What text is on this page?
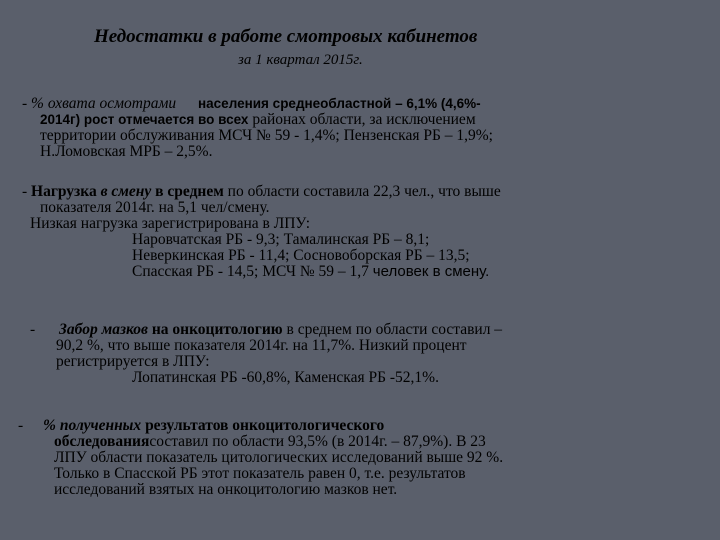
Недостатки в работе смотровых кабинетов
за 1 квартал 2015г.
- % охвата осмотрами населения среднеобластной – 6,1% (4,6%-
2014г) рост отмечается во всех районах области, за исключением
территории обслуживания МСЧ № 59 - 1,4%; Пензенская РБ – 1,9%;
Н.Ломовская МРБ – 2,5%.
- Нагрузка в смену в среднем по области составила 22,3 чел., что выше
показателя 2014г. на 5,1 чел/смену.
Низкая нагрузка зарегистрирована в ЛПУ:
Наровчатская РБ - 9,3; Тамалинская РБ – 8,1;
Неверкинская РБ - 11,4; Сосновоборская РБ – 13,5;
Спасская РБ - 14,5; МСЧ № 59 – 1,7 человек в смену.
- Забор мазков на онкоцитологию в среднем по области составил –
90,2 %, что выше показателя 2014г. на 11,7%. Низкий процент
регистрируется в ЛПУ:
Лопатинская РБ -60,8%, Каменская РБ -52,1%.
- % полученных результатов онкоцитологического
обследованиясоставил по области 93,5% (в 2014г. – 87,9%). В 23
ЛПУ области показатель цитологических исследований выше 92 %.
Только в Спасской РБ этот показатель равен 0, т.е. результатов
исследований взятых на онкоцитологию мазков нет.
